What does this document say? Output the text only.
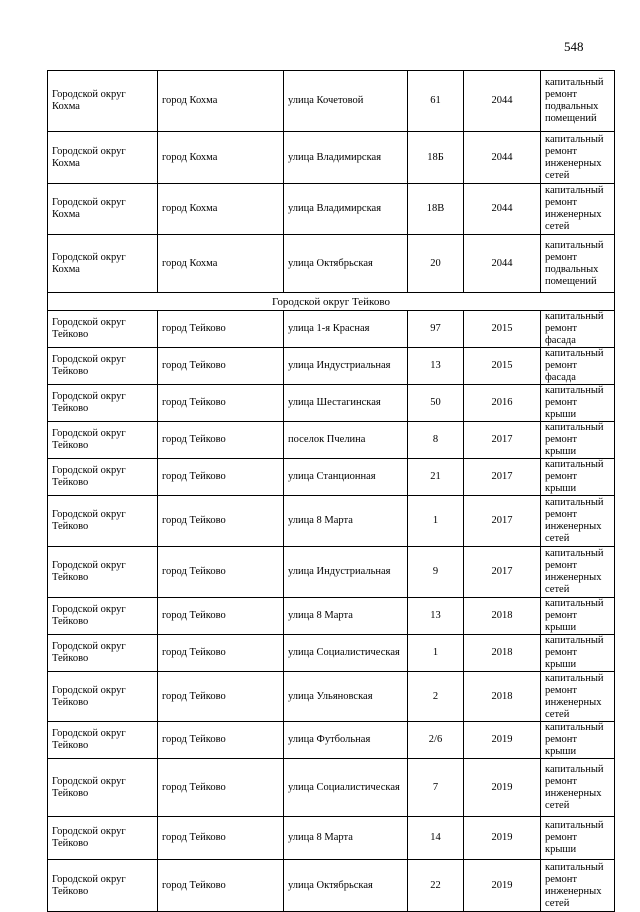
548
Городской округ Кохма	город Кохма	улица Кочетовой	61	2044	капитальный ремонт подвальных помещений
Городской округ Кохма	город Кохма	улица Владимирская	18Б	2044	капитальный ремонт инженерных сетей
Городской округ Кохма	город Кохма	улица Владимирская	18В	2044	капитальный ремонт инженерных сетей
Городской округ Кохма	город Кохма	улица Октябрьская	20	2044	капитальный ремонт подвальных помещений
Городской округ Тейково					
Городской округ Тейково	город Тейково	улица 1-я Красная	97	2015	капитальный ремонт фасада
Городской округ Тейково	город Тейково	улица Индустриальная	13	2015	капитальный ремонт фасада
Городской округ Тейково	город Тейково	улица Шестагинская	50	2016	капитальный ремонт крыши
Городской округ Тейково	город Тейково	поселок Пчелина	8	2017	капитальный ремонт крыши
Городской округ Тейково	город Тейково	улица Станционная	21	2017	капитальный ремонт крыши
Городской округ Тейково	город Тейково	улица 8 Марта	1	2017	капитальный ремонт инженерных сетей
Городской округ Тейково	город Тейково	улица Индустриальная	9	2017	капитальный ремонт инженерных сетей
Городской округ Тейково	город Тейково	улица 8 Марта	13	2018	капитальный ремонт крыши
Городской округ Тейково	город Тейково	улица Социалистическая	1	2018	капитальный ремонт крыши
Городской округ Тейково	город Тейково	улица Ульяновская	2	2018	капитальный ремонт инженерных сетей
Городской округ Тейково	город Тейково	улица Футбольная	2/6	2019	капитальный ремонт крыши
Городской округ Тейково	город Тейково	улица Социалистическая	7	2019	капитальный ремонт инженерных сетей
Городской округ Тейково	город Тейково	улица 8 Марта	14	2019	капитальный ремонт крыши
Городской округ Тейково	город Тейково	улица Октябрьская	22	2019	капитальный ремонт инженерных сетей
